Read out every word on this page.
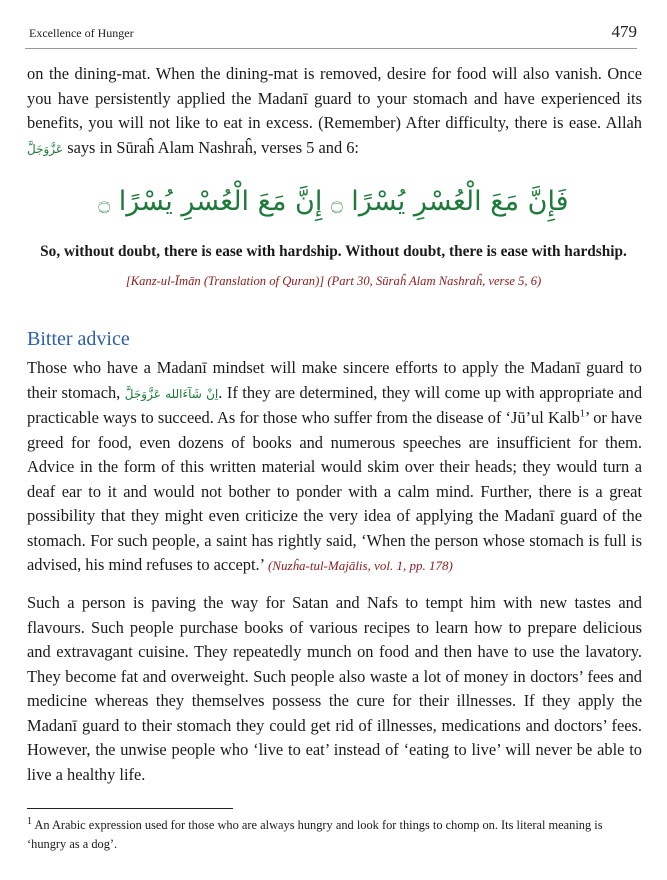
Excellence of Hunger	479

on the dining-mat. When the dining-mat is removed, desire for food will also vanish. Once you have persistently applied the Madanī guard to your stomach and have experienced its benefits, you will not like to eat in excess. (Remember) After difficulty, there is ease. Allah عَزَّوَجَلَّ says in Sūraĥ Alam Nashraĥ, verses 5 and 6:

فَإِنَّ مَعَ الْعُسْرِ يُسْرًا ۝ إِنَّ مَعَ الْعُسْرِ يُسْرًا ۝
So, without doubt, there is ease with hardship. Without doubt, there is ease with hardship.
[Kanz-ul-Īmān (Translation of Quran)] (Part 30, Sūraĥ Alam Nashraĥ, verse 5, 6)
Bitter advice

Those who have a Madanī mindset will make sincere efforts to apply the Madanī guard to their stomach, اِنْ شَآءَالله عَزَّوَجَلَّ. If they are determined, they will come up with appropriate and practicable ways to succeed. As for those who suffer from the disease of ‘Jū’ul Kalb$^1$’ or have greed for food, even dozens of books and numerous speeches are insufficient for them. Advice in the form of this written material would skim over their heads; they would turn a deaf ear to it and would not bother to ponder with a calm mind. Further, there is a great possibility that they might even criticize the very idea of applying the Madanī guard of the stomach. For such people, a saint has rightly said, ‘When the person whose stomach is full is advised, his mind refuses to accept.’ (Nuzĥa-tul-Majālis, vol. 1, pp. 178)

Such a person is paving the way for Satan and Nafs to tempt him with new tastes and flavours. Such people purchase books of various recipes to learn how to prepare delicious and extravagant cuisine. They repeatedly munch on food and then have to use the lavatory. They become fat and overweight. Such people also waste a lot of money in doctors’ fees and medicine whereas they themselves possess the cure for their illnesses. If they apply the Madanī guard to their stomach they could get rid of illnesses, medications and doctors’ fees. However, the unwise people who ‘live to eat’ instead of ‘eating to live’ will never be able to live a healthy life.

$^1$ An Arabic expression used for those who are always hungry and look for things to chomp on. Its literal meaning is ‘hungry as a dog’.
